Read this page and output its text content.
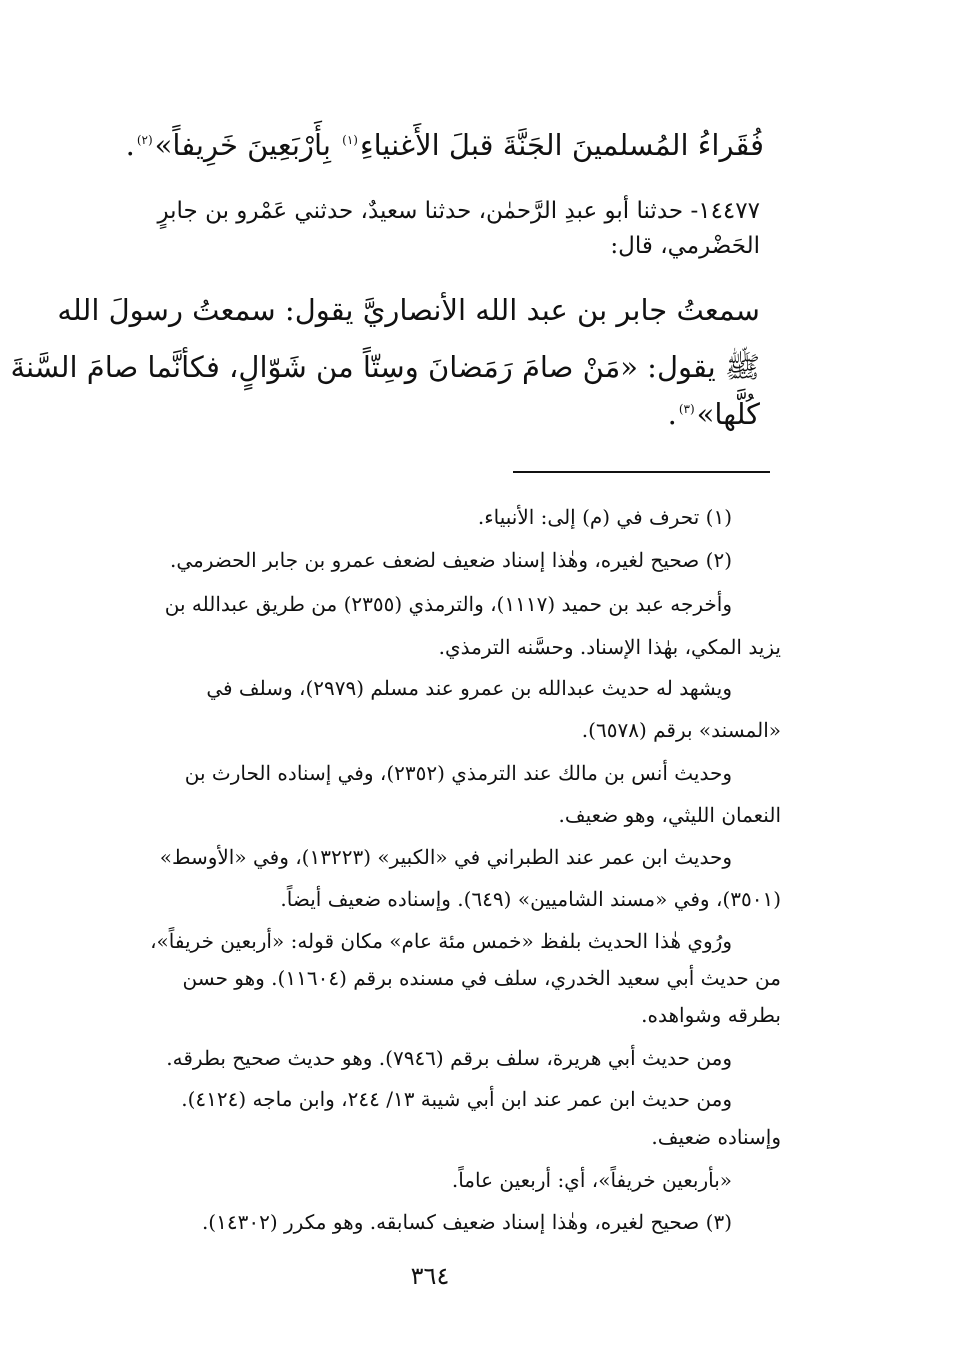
فُقَراءُ المُسلمينَ الجَنَّةَ قبلَ الأَغنياءِ$^{(١)}$ بِأَرْبَعِينَ خَرِيفاً»$^{(٢)}$.
١٤٤٧٧- حدثنا أبو عبدِ الرَّحمٰن، حدثنا سعيدٌ، حدثني عَمْرو بن جابرٍ
الحَضْرمي، قال:
سمعتُ جابر بن عبد الله الأنصاريَّ يقول: سمعتُ رسولَ الله
ﷺ يقول: «مَنْ صامَ رَمَضانَ وسِتّاً من شَوّالٍ، فكأنَّما صامَ السَّنةَ
كُلَّها»$^{(٣)}$.
(١) تحرف في (م) إلى: الأنبياء.
(٢) صحيح لغيره، وهٰذا إسناد ضعيف لضعف عمرو بن جابر الحضرمي.
وأخرجه عبد بن حميد (١١١٧)، والترمذي (٢٣٥٥) من طريق عبدالله بن
يزيد المكي، بهٰذا الإسناد. وحسَّنه الترمذي.
ويشهد له حديث عبدالله بن عمرو عند مسلم (٢٩٧٩)، وسلف في
«المسند» برقم (٦٥٧٨).
وحديث أنس بن مالك عند الترمذي (٢٣٥٢)، وفي إسناده الحارث بن
النعمان الليثي، وهو ضعيف.
وحديث ابن عمر عند الطبراني في «الكبير» (١٣٢٢٣)، وفي «الأوسط»
(٣٥٠١)، وفي «مسند الشاميين» (٦٤٩). وإسناده ضعيف أيضاً.
ورُوي هٰذا الحديث بلفظ «خمس مئة عام» مكان قوله: «أربعين خريفاً»،
من حديث أبي سعيد الخدري، سلف في مسنده برقم (١١٦٠٤). وهو حسن
بطرقه وشواهده.
ومن حديث أبي هريرة، سلف برقم (٧٩٤٦). وهو حديث صحيح بطرقه.
ومن حديث ابن عمر عند ابن أبي شيبة ١٣/ ٢٤٤، وابن ماجه (٤١٢٤).
وإسناده ضعيف.
«بأربعين خريفاً»، أي: أربعين عاماً.
(٣) صحيح لغيره، وهٰذا إسناد ضعيف كسابقه. وهو مكرر (١٤٣٠٢).
٣٦٤
